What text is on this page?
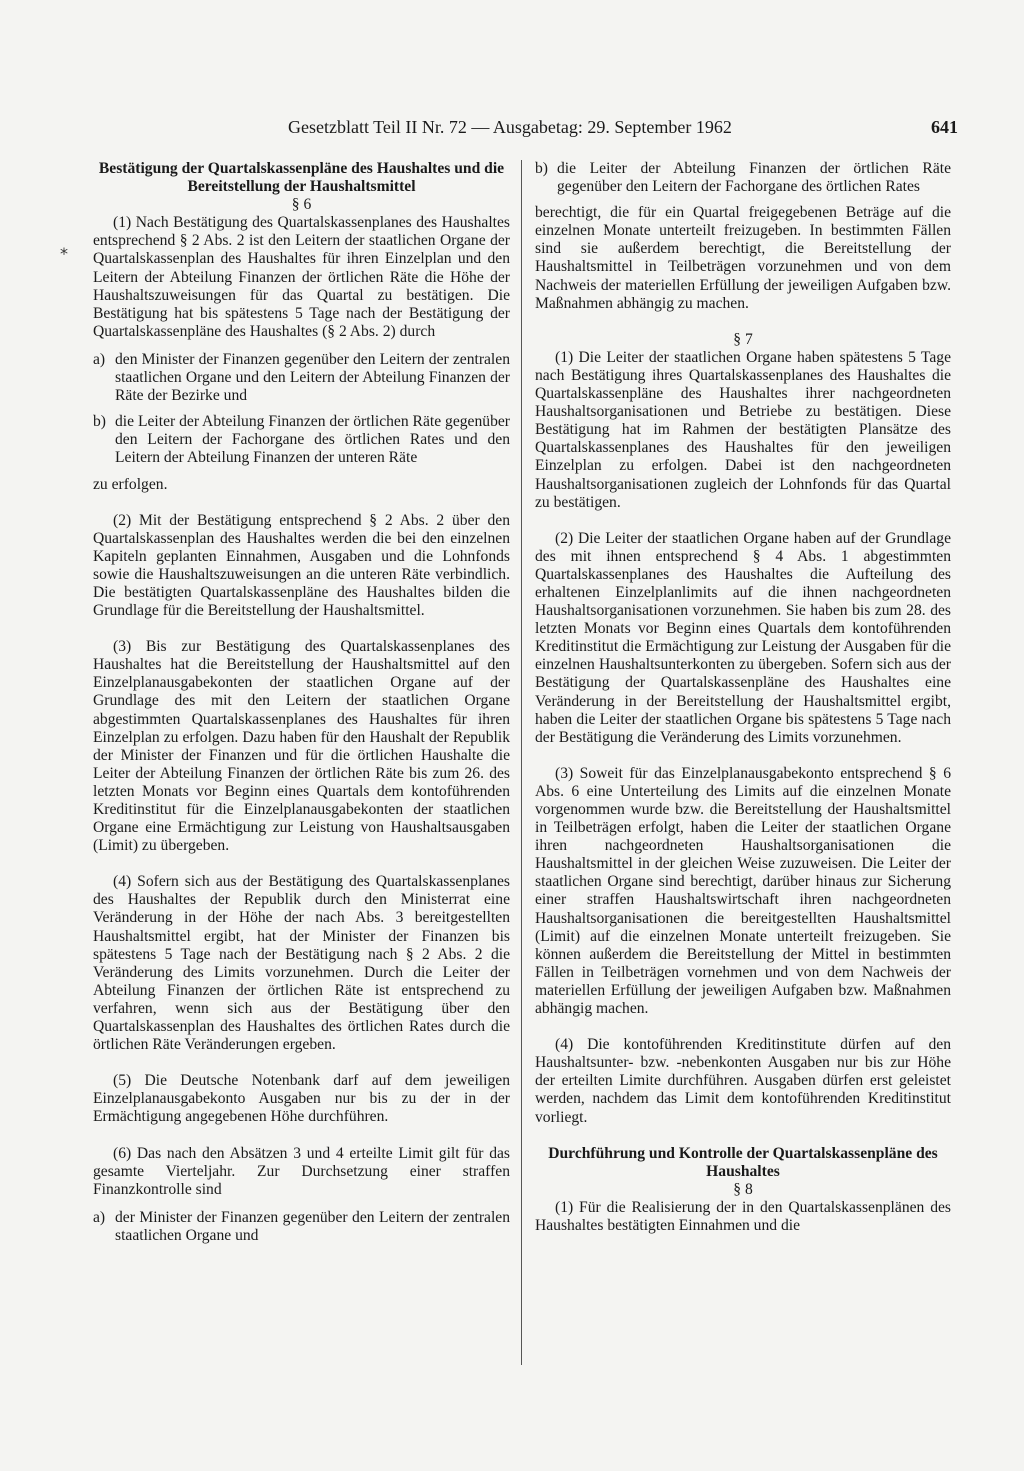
Gesetzblatt Teil II Nr. 72 — Ausgabetag: 29. September 1962	641
*

Bestätigung der Quartalskassenpläne des Haushaltes und die Bereitstellung der Haushaltsmittel

§ 6

(1) Nach Bestätigung des Quartalskassenplanes des Haushaltes entsprechend § 2 Abs. 2 ist den Leitern der staatlichen Organe der Quartalskassenplan des Haushaltes für ihren Einzelplan und den Leitern der Abteilung Finanzen der örtlichen Räte die Höhe der Haushaltszuweisungen für das Quartal zu bestätigen. Die Bestätigung hat bis spätestens 5 Tage nach der Bestätigung der Quartalskassenpläne des Haushaltes (§ 2 Abs. 2) durch

a) den Minister der Finanzen gegenüber den Leitern der zentralen staatlichen Organe und den Leitern der Abteilung Finanzen der Räte der Bezirke und
b) die Leiter der Abteilung Finanzen der örtlichen Räte gegenüber den Leitern der Fachorgane des örtlichen Rates und den Leitern der Abteilung Finanzen der unteren Räte

zu erfolgen.

(2) Mit der Bestätigung entsprechend § 2 Abs. 2 über den Quartalskassenplan des Haushaltes werden die bei den einzelnen Kapiteln geplanten Einnahmen, Ausgaben und die Lohnfonds sowie die Haushaltszuweisungen an die unteren Räte verbindlich. Die bestätigten Quartalskassenpläne des Haushaltes bilden die Grundlage für die Bereitstellung der Haushaltsmittel.

(3) Bis zur Bestätigung des Quartalskassenplanes des Haushaltes hat die Bereitstellung der Haushaltsmittel auf den Einzelplanausgabekonten der staatlichen Organe auf der Grundlage des mit den Leitern der staatlichen Organe abgestimmten Quartalskassenplanes des Haushaltes für ihren Einzelplan zu erfolgen. Dazu haben für den Haushalt der Republik der Minister der Finanzen und für die örtlichen Haushalte die Leiter der Abteilung Finanzen der örtlichen Räte bis zum 26. des letzten Monats vor Beginn eines Quartals dem kontoführenden Kreditinstitut für die Einzelplanausgabekonten der staatlichen Organe eine Ermächtigung zur Leistung von Haushaltsausgaben (Limit) zu übergeben.

(4) Sofern sich aus der Bestätigung des Quartalskassenplanes des Haushaltes der Republik durch den Ministerrat eine Veränderung in der Höhe der nach Abs. 3 bereitgestellten Haushaltsmittel ergibt, hat der Minister der Finanzen bis spätestens 5 Tage nach der Bestätigung nach § 2 Abs. 2 die Veränderung des Limits vorzunehmen. Durch die Leiter der Abteilung Finanzen der örtlichen Räte ist entsprechend zu verfahren, wenn sich aus der Bestätigung über den Quartalskassenplan des Haushaltes des örtlichen Rates durch die örtlichen Räte Veränderungen ergeben.

(5) Die Deutsche Notenbank darf auf dem jeweiligen Einzelplanausgabekonto Ausgaben nur bis zu der in der Ermächtigung angegebenen Höhe durchführen.

(6) Das nach den Absätzen 3 und 4 erteilte Limit gilt für das gesamte Vierteljahr. Zur Durchsetzung einer straffen Finanzkontrolle sind

a) der Minister der Finanzen gegenüber den Leitern der zentralen staatlichen Organe und
b) die Leiter der Abteilung Finanzen der örtlichen Räte gegenüber den Leitern der Fachorgane des örtlichen Rates

berechtigt, die für ein Quartal freigegebenen Beträge auf die einzelnen Monate unterteilt freizugeben. In bestimmten Fällen sind sie außerdem berechtigt, die Bereitstellung der Haushaltsmittel in Teilbeträgen vorzunehmen und von dem Nachweis der materiellen Erfüllung der jeweiligen Aufgaben bzw. Maßnahmen abhängig zu machen.

§ 7

(1) Die Leiter der staatlichen Organe haben spätestens 5 Tage nach Bestätigung ihres Quartalskassenplanes des Haushaltes die Quartalskassenpläne des Haushaltes ihrer nachgeordneten Haushaltsorganisationen und Betriebe zu bestätigen. Diese Bestätigung hat im Rahmen der bestätigten Plansätze des Quartalskassenplanes des Haushaltes für den jeweiligen Einzelplan zu erfolgen. Dabei ist den nachgeordneten Haushaltsorganisationen zugleich der Lohnfonds für das Quartal zu bestätigen.

(2) Die Leiter der staatlichen Organe haben auf der Grundlage des mit ihnen entsprechend § 4 Abs. 1 abgestimmten Quartalskassenplanes des Haushaltes die Aufteilung des erhaltenen Einzelplanlimits auf die ihnen nachgeordneten Haushaltsorganisationen vorzunehmen. Sie haben bis zum 28. des letzten Monats vor Beginn eines Quartals dem kontoführenden Kreditinstitut die Ermächtigung zur Leistung der Ausgaben für die einzelnen Haushaltsunterkonten zu übergeben. Sofern sich aus der Bestätigung der Quartalskassenpläne des Haushaltes eine Veränderung in der Bereitstellung der Haushaltsmittel ergibt, haben die Leiter der staatlichen Organe bis spätestens 5 Tage nach der Bestätigung die Veränderung des Limits vorzunehmen.

(3) Soweit für das Einzelplanausgabekonto entsprechend § 6 Abs. 6 eine Unterteilung des Limits auf die einzelnen Monate vorgenommen wurde bzw. die Bereitstellung der Haushaltsmittel in Teilbeträgen erfolgt, haben die Leiter der staatlichen Organe ihren nachgeordneten Haushaltsorganisationen die Haushaltsmittel in der gleichen Weise zuzuweisen. Die Leiter der staatlichen Organe sind berechtigt, darüber hinaus zur Sicherung einer straffen Haushaltswirtschaft ihren nachgeordneten Haushaltsorganisationen die bereitgestellten Haushaltsmittel (Limit) auf die einzelnen Monate unterteilt freizugeben. Sie können außerdem die Bereitstellung der Mittel in bestimmten Fällen in Teilbeträgen vornehmen und von dem Nachweis der materiellen Erfüllung der jeweiligen Aufgaben bzw. Maßnahmen abhängig machen.

(4) Die kontoführenden Kreditinstitute dürfen auf den Haushaltsunter- bzw. -nebenkonten Ausgaben nur bis zur Höhe der erteilten Limite durchführen. Ausgaben dürfen erst geleistet werden, nachdem das Limit dem kontoführenden Kreditinstitut vorliegt.

Durchführung und Kontrolle der Quartalskassenpläne des Haushaltes

§ 8

(1) Für die Realisierung der in den Quartalskassenplänen des Haushaltes bestätigten Einnahmen und die
